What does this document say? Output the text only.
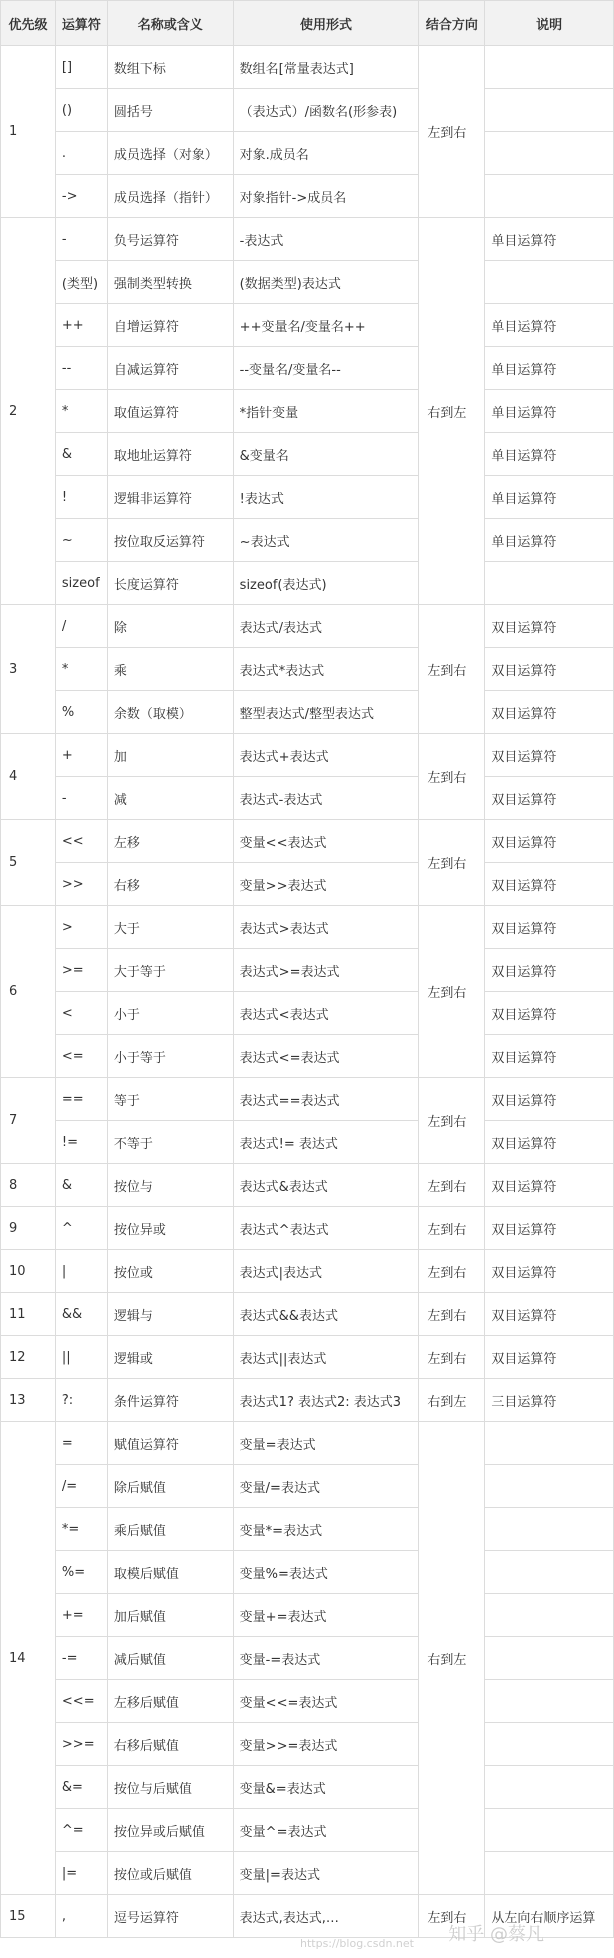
优先级	运算符	名称或含义	使用形式	结合方向	说明
1	[]	数组下标	数组名[常量表达式]	左到右	
	()	圆括号	（表达式）/函数名(形参表)		
	.	成员选择（对象）	对象.成员名		
	->	成员选择（指针）	对象指针->成员名		
2	-	负号运算符	-表达式	右到左	单目运算符
	(类型)	强制类型转换	(数据类型)表达式		
	++	自增运算符	++变量名/变量名++		单目运算符
	--	自减运算符	--变量名/变量名--		单目运算符
	*	取值运算符	*指针变量		单目运算符
	&	取地址运算符	&变量名		单目运算符
	!	逻辑非运算符	!表达式		单目运算符
	~	按位取反运算符	~表达式		单目运算符
	sizeof	长度运算符	sizeof(表达式)		
3	/	除	表达式/表达式	左到右	双目运算符
	*	乘	表达式*表达式		双目运算符
	%	余数（取模）	整型表达式/整型表达式		双目运算符
4	+	加	表达式+表达式	左到右	双目运算符
	-	减	表达式-表达式		双目运算符
5	<<	左移	变量<<表达式	左到右	双目运算符
	>>	右移	变量>>表达式		双目运算符
6	>	大于	表达式>表达式	左到右	双目运算符
	>=	大于等于	表达式>=表达式		双目运算符
	<	小于	表达式<表达式		双目运算符
	<=	小于等于	表达式<=表达式		双目运算符
7	==	等于	表达式==表达式	左到右	双目运算符
	!=	不等于	表达式!= 表达式		双目运算符
8	&	按位与	表达式&表达式	左到右	双目运算符
9	^	按位异或	表达式^表达式	左到右	双目运算符
10	|	按位或	表达式|表达式	左到右	双目运算符
11	&&	逻辑与	表达式&&表达式	左到右	双目运算符
12	||	逻辑或	表达式||表达式	左到右	双目运算符
13	?:	条件运算符	表达式1? 表达式2: 表达式3	右到左	三目运算符
14	=	赋值运算符	变量=表达式	右到左	
	/=	除后赋值	变量/=表达式		
	*=	乘后赋值	变量*=表达式		
	%=	取模后赋值	变量%=表达式		
	+=	加后赋值	变量+=表达式		
	-=	减后赋值	变量-=表达式		
	<<=	左移后赋值	变量<<=表达式		
	>>=	右移后赋值	变量>>=表达式		
	&=	按位与后赋值	变量&=表达式		
	^=	按位异或后赋值	变量^=表达式		
	|=	按位或后赋值	变量|=表达式		
15	,	逗号运算符	表达式,表达式,…	左到右	从左向右顺序运算
https://blog.csdn.net 知乎 @蔡凡
